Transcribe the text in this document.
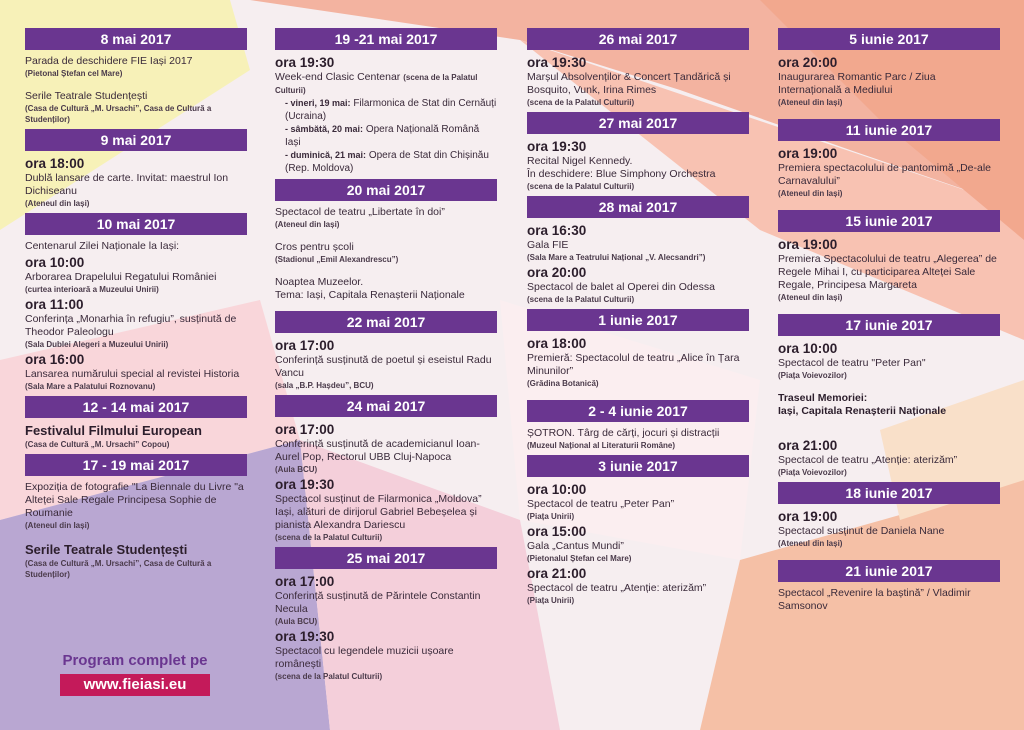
8 mai 2017
Parada de deschidere FIE Iași 2017
(Pietonal Ștefan cel Mare)
Serile Teatrale Studențești
(Casa de Cultură „M. Ursachi”, Casa de Cultură a Studenților)
9 mai 2017
ora 18:00
Dublă lansare de carte. Invitat: maestrul Ion Dichiseanu
(Ateneul din Iași)
10 mai 2017
Centenarul Zilei Naționale la Iași:
ora 10:00
Arborarea Drapelului Regatului României
(curtea interioară a Muzeului Unirii)
ora 11:00
Conferința „Monarhia în refugiu”, susținută de Theodor Paleologu
(Sala Dublei Alegeri a Muzeului Unirii)
ora 16:00
Lansarea numărului special al revistei Historia
(Sala Mare a Palatului Roznovanu)
12 - 14 mai 2017
Festivalul Filmului European
(Casa de Cultură „M. Ursachi” Copou)
17 - 19 mai 2017
Expoziția de fotografie "La Biennale du Livre "a Alteței Sale Regale Principesa Sophie de Roumanie
(Ateneul din Iași)
Serile Teatrale Studențești
(Casa de Cultură „M. Ursachi”, Casa de Cultură a Studenților)
Program complet pe
www.fieiasi.eu
19 -21 mai 2017
ora 19:30
Week-end Clasic Centenar (scena de la Palatul Culturii)
- vineri, 19 mai: Filarmonica de Stat din Cernăuți (Ucraina)
- sâmbătă, 20 mai: Opera Națională Română Iași
- duminică, 21 mai: Opera de Stat din Chișinău (Rep. Moldova)
20 mai 2017
Spectacol de teatru „Libertate în doi”
(Ateneul din Iași)
Cros pentru școli
(Stadionul „Emil Alexandrescu”)
Noaptea Muzeelor.
Tema: Iași, Capitala Renașterii Naționale
22 mai 2017
ora 17:00
Conferință susținută de poetul și eseistul Radu Vancu
(sala „B.P. Hașdeu”, BCU)
24 mai 2017
ora 17:00
Conferință susținută de academicianul Ioan-Aurel Pop, Rectorul UBB Cluj-Napoca
(Aula BCU)
ora 19:30
Spectacol susținut de Filarmonica „Moldova” Iași, alături de dirijorul Gabriel Bebeșelea și pianista Alexandra Dariescu
(scena de la Palatul Culturii)
25 mai 2017
ora 17:00
Conferință susținută de Părintele Constantin Necula
(Aula BCU)
ora 19:30
Spectacol cu legendele muzicii ușoare românești
(scena de la Palatul Culturii)
26 mai 2017
ora 19:30
Marșul Absolvenților & Concert Țandărică și Bosquito, Vunk, Irina Rimes
(scena de la Palatul Culturii)
27 mai 2017
ora 19:30
Recital Nigel Kennedy.
În deschidere: Blue Simphony Orchestra
(scena de la Palatul Culturii)
28 mai 2017
ora 16:30
Gala FIE
(Sala Mare a Teatrului Național „V. Alecsandri”)
ora 20:00
Spectacol de balet al Operei din Odessa
(scena de la Palatul Culturii)
1 iunie 2017
ora 18:00
Premieră: Spectacolul de teatru „Alice în Țara Minunilor”
(Grădina Botanică)
2 - 4 iunie 2017
ȘOTRON. Târg de cărți, jocuri și distracții
(Muzeul Național al Literaturii Române)
3 iunie 2017
ora 10:00
Spectacol de teatru „Peter Pan”
(Piața Unirii)
ora 15:00
Gala „Cantus Mundi”
(Pietonalul Ștefan cel Mare)
ora 21:00
Spectacol de teatru „Atenție: aterizăm”
(Piața Unirii)
5 iunie 2017
ora 20:00
Inaugurarea Romantic Parc / Ziua Internațională a Mediului
(Ateneul din Iași)
11 iunie 2017
ora 19:00
Premiera spectacolului de pantomimă „De-ale Carnavalului”
(Ateneul din Iași)
15 iunie 2017
ora 19:00
Premiera Spectacolului de teatru „Alegerea” de Regele Mihai I, cu participarea Alteței Sale Regale, Principesa Margareta
(Ateneul din Iași)
17 iunie 2017
ora 10:00
Spectacol de teatru "Peter Pan"
(Piața Voievozilor)
Traseul Memoriei:
Iași, Capitala Renașterii Naționale
ora 21:00
Spectacol de teatru „Atenție: aterizăm”
(Piața Voievozilor)
18 iunie 2017
ora 19:00
Spectacol susținut de Daniela Nane
(Ateneul din Iași)
21 iunie 2017
Spectacol „Revenire la baștină” / Vladimir Samsonov
